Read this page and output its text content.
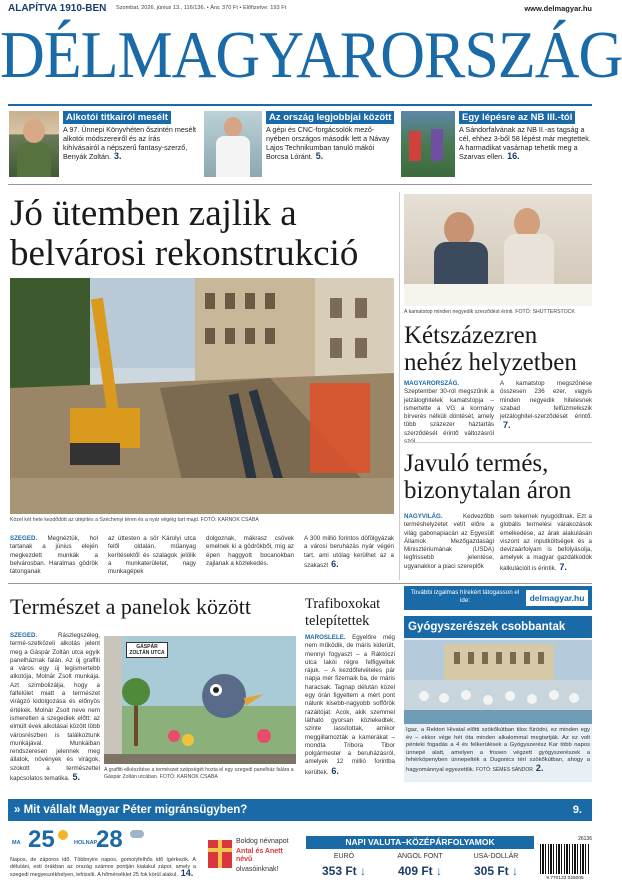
ALAPÍTVA 1910-BEN Szombat, 2026. június 13., 116/136. • Ára: 370 Ft • Előfizetve: 193 Ft	www.delmagyar.hu
DÉLMAGYARORSZÁG
Alkotói titkairól mesélt
A 97. Ünnepi Könyvhéten őszintén mesélt alkotói módszereiről és az írás kihívásairól a népszerű fantasy-szerző, Benyák Zoltán. 3.
Az ország legjobbjai között
A gépi és CNC-forgácsolók mező-nyében országos második lett a Návay Lajos Technikumban tanuló mákói Borcsa Lóránt. 5.
Egy lépésre az NB III.-tól
A Sándorfalvának az NB II.-as tagság a cél, ehhez 3-ből 58 lépést már megtettek. A harmadikat vasárnap tehetik meg a Szarvas ellen. 16.
Jó ütemben zajlik a belvárosi rekonstrukció
Közel két hete kezdődött az útépítés a Széchenyi téren és a nyár végéig tart majd. FOTÓ: KARNOK CSABA
SZEGED. Megnéztük, hol tartanak a június elején megkezdett munkák a belvárosban. Haralmas gödrök tátonganak
az úttesten a sör Károlyi utca felől oldalán, műanyag kerítésektől és szalagok jelölik a munkaterületet, nagy munkagépek
dolgoznak, mákrasz csövek emelnek ki a gödrökből, míg az épen haggyott bocanokban zajlanak a közlekedés.
A 300 millió forintos döfölgyázak a városi beruházás nyár végén tart, ami utólag kerülhet az a szakaszt 6.
A kamatstop minden negyedik szerződést érinti. FOTÓ: SHUTTERSTOCK
Kétszázezren nehéz helyzetben
MAGYARORSZÁG. Szeptember 30-ról megszűnik a jelzáloghitelek kamatstopja – ismertette a VG a kormány bírverés nélküli döntését, amely több százezer háztartás szerződését érintő változásról
A kamatstop megszűnése összesen 236 ezer, vagyis minden negyedik hitelesnek szabad felfüzmelkszik jelzáloghitel-szerződését érintő.7.
Javuló termés, bizonytalan áron
NAGYVILÁG.	Kedvezőbb terméshelyzetet vetít előre a világ gabonapiacán az Egyesült Államok Mezőgazdasági Minisztériumának (USDA) legfrissebb jelentése, ugyanakkor a piaci szereplők
sem tekernek nyugodtnak. Ezt a globális termelési várakozások emelkedése, az árak alakulásán viszont az inputköltségek és a devizaárfolyam is befolyásolja, amelyek a magyar gazdálkodók kalkulációit is érintik. 7.
További izgalmas hírekért látogasson el ide:	delmagyar.hu
Természet a panelok között
SZEGED.	Rászlegszéleg, termé-szetközeli alkotás jelent meg a Gáspár Zoltán utca egyik panelháznak falán. Az új graffiti a város egy új legismertebb alkotója, Molnár Zsolt munkája. Azt szimbolizálja, hogy a falfelület miatt a természet virágzó kidolgozása és előnyös értékek. Molnár Zsolt neve nem ismeretlen a szegediek előtt: az elmúlt évek alkotásai között több városrészben is találkoztunk munkájával. Munkáiban rendszeresen jelennek meg állatok, növények és virágok, szokott a természettel kapcsolatos tematika. 5.
GÁSPÁR ZOLTÁN UTCA
A graffiti elkészítése a természet szépségét hozta el egy szegedi panelház falára a Gáspár Zoltán utcában. FOTÓ: KARNOK CSABA
Trafiboxokat telepítettek
MAROSLELE. Egyelőre még nem működik, de máris kiderült, mennyi fogyaszt – a Ráktóczi utca lakói régre felfigyeltek rájuk. – A kezdőfelvételes pár napja mér fizemaik ba, de máris haracsak. Tagnap délután közel egy órán figyeltem a mért pont nálunk kisebb-nagyobb soffőrök razáitójat. Acok, akik szemmel látható gyorsan közlekedtek, szinte lassítottak, amikor meggillamozták a kamerákat – mondta Tribora Tibor polgármester a beruházásról, amelyek 12 millió forintba kerültek. 6.
Gyógyszerészek csobbantak
Igaz, a Rektori Hivatal előtti szökőkútban tilos fürödni, ez minden egy év – ekkor vége hét óta minden alkalommal megtartják. Az ez volt pénteki fogadás a 4 és felkerülések a Gyógyszerész Kar több napos ünnepé alatt, amelyen a frissen végzett gyógyszerészek a fehérköpenyben ünnepelték a Dugonics téri szökőkútban, ahogy a hagyománnyal egyezettlik. FOTÓ: SÉMES SÁNDOR 2.
» Mit vállalt Magyar Péter migránsügyben?	9.
MA 25	HOLNAP
28
Napos, de záporos idő. Többnyire napos, gomolyfelhős idő ígérkezik. A délutáni, esti órákban az ország számos pontján kialakul zápor, amely a szegedi megyeszékhelyen, lefrissíti. A hőmérséklet 25 fok körül alakul. 14.
Boldog névnapot
Antal és Anett névű
olvasóinknak!
NAPI VALUTA–KÖZÉPÁRFOLYAMOK
EURÓ	ANGOL FONT	USA-DOLLÁR
353 Ft ↓	409 Ft ↓	305 Ft ↓
26136
9 770133 025005
